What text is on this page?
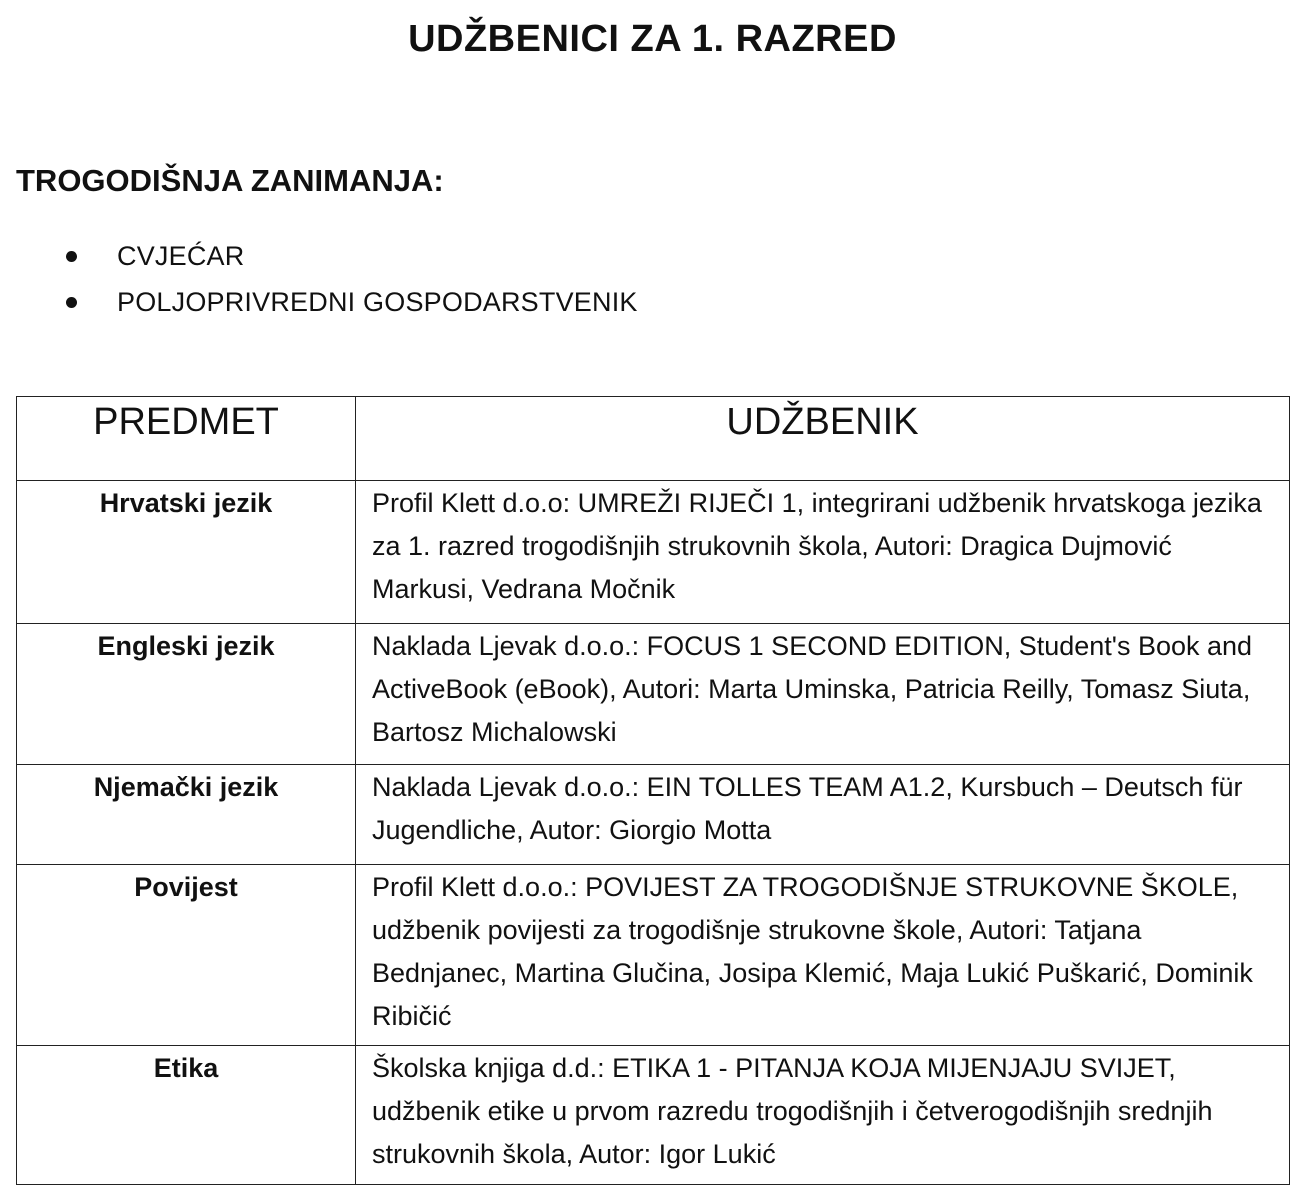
UDŽBENICI ZA 1. RAZRED
TROGODIŠNJA ZANIMANJA:
CVJEĆAR
POLJOPRIVREDNI GOSPODARSTVENIK
PREDMET	UDŽBENIK
Hrvatski jezik	Profil Klett d.o.o: UMREŽI RIJEČI 1, integrirani udžbenik hrvatskoga jezika za 1. razred trogodišnjih strukovnih škola, Autori: Dragica Dujmović Markusi, Vedrana Močnik
Engleski jezik	Naklada Ljevak d.o.o.: FOCUS 1 SECOND EDITION, Student's Book and ActiveBook (eBook), Autori: Marta Uminska, Patricia Reilly, Tomasz Siuta, Bartosz Michalowski
Njemački jezik	Naklada Ljevak d.o.o.: EIN TOLLES TEAM A1.2, Kursbuch – Deutsch für Jugendliche, Autor: Giorgio Motta
Povijest	Profil Klett d.o.o.: POVIJEST ZA TROGODIŠNJE STRUKOVNE ŠKOLE, udžbenik povijesti za trogodišnje strukovne škole, Autori: Tatjana Bednjanec, Martina Glučina, Josipa Klemić, Maja Lukić Puškarić, Dominik Ribičić
Etika	Školska knjiga d.d.: ETIKA 1 - PITANJA KOJA MIJENJAJU SVIJET, udžbenik etike u prvom razredu trogodišnjih i četverogodišnjih srednjih strukovnih škola, Autor: Igor Lukić
